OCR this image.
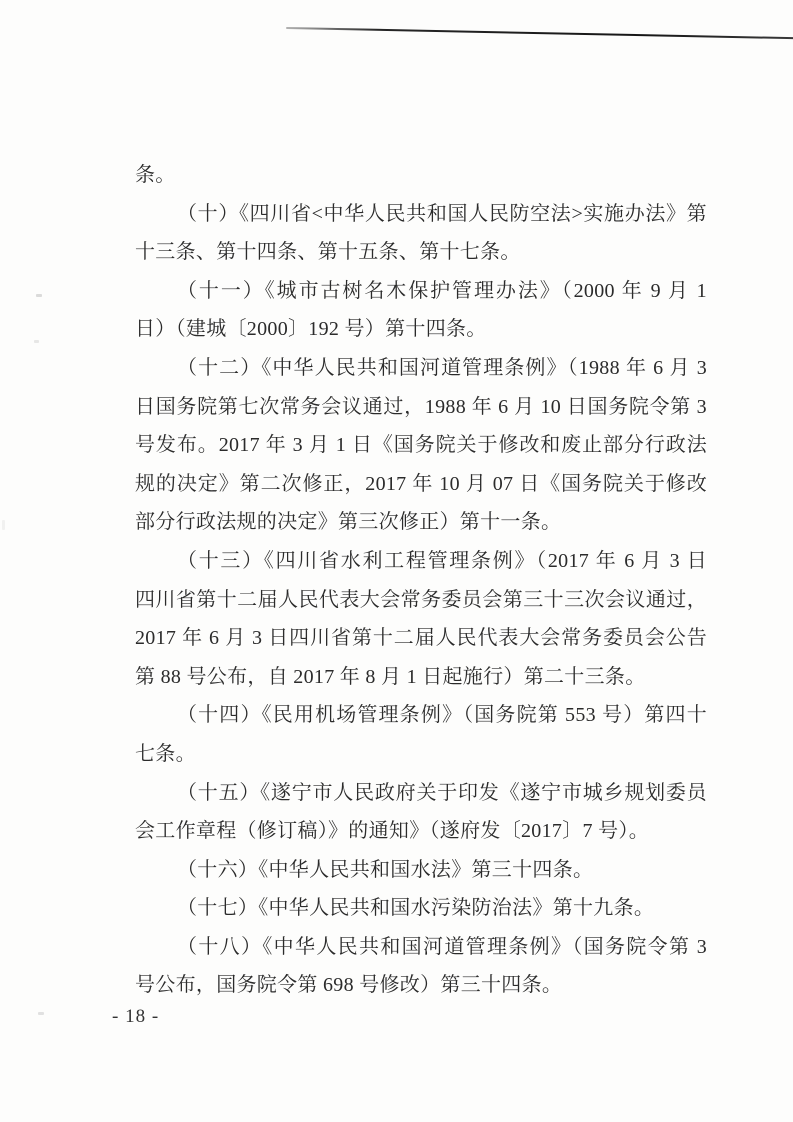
条。
（十）《四川省<中华人民共和国人民防空法>实施办法》第
十三条、第十四条、第十五条、第十七条。
（十一）《城市古树名木保护管理办法》（2000 年 9 月 1
日）（建城〔2000〕192 号）第十四条。
（十二）《中华人民共和国河道管理条例》（1988 年 6 月 3
日国务院第七次常务会议通过，1988 年 6 月 10 日国务院令第 3
号发布。2017 年 3 月 1 日《国务院关于修改和废止部分行政法
规的决定》第二次修正，2017 年 10 月 07 日《国务院关于修改
部分行政法规的决定》第三次修正）第十一条。
（十三）《四川省水利工程管理条例》（2017 年 6 月 3 日
四川省第十二届人民代表大会常务委员会第三十三次会议通过，
2017 年 6 月 3 日四川省第十二届人民代表大会常务委员会公告
第 88 号公布，自 2017 年 8 月 1 日起施行）第二十三条。
（十四）《民用机场管理条例》（国务院第 553 号）第四十
七条。
（十五）《遂宁市人民政府关于印发《遂宁市城乡规划委员
会工作章程（修订稿）》的通知》（遂府发〔2017〕7 号）。
（十六）《中华人民共和国水法》第三十四条。
（十七）《中华人民共和国水污染防治法》第十九条。
（十八）《中华人民共和国河道管理条例》（国务院令第 3
号公布，国务院令第 698 号修改）第三十四条。
- 18 -
